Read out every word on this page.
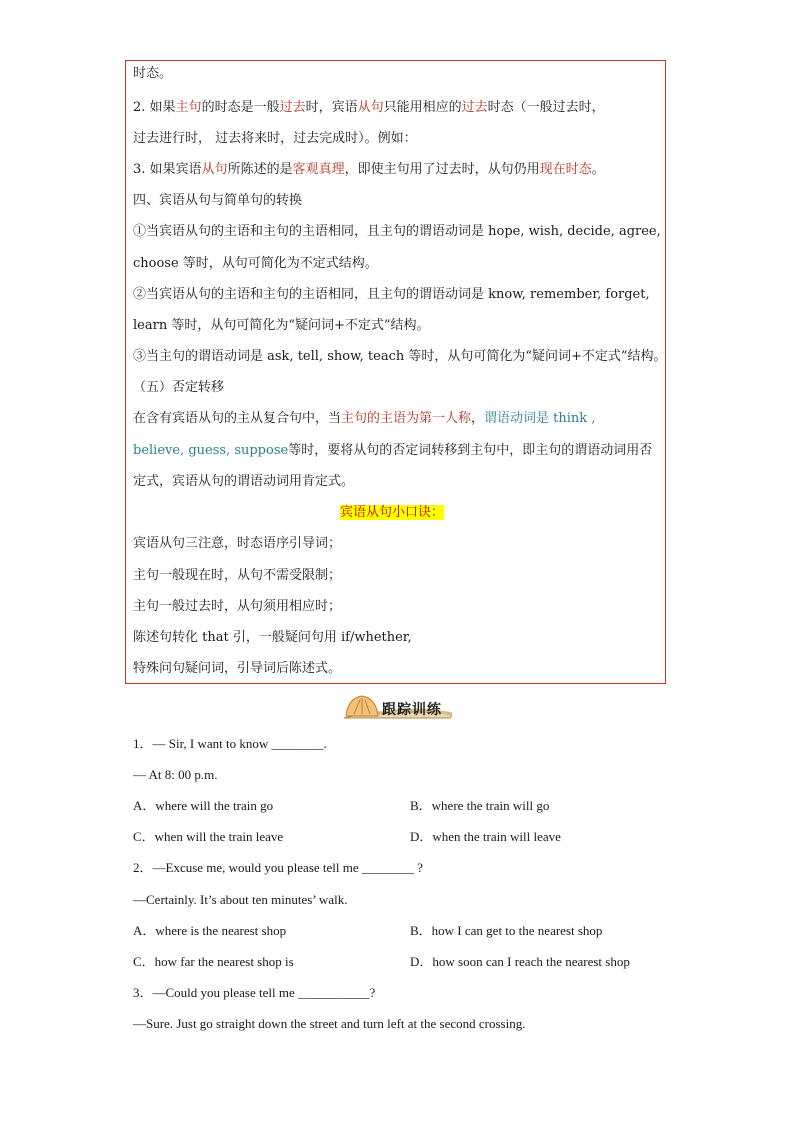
时态。
2. 如果主句的时态是一般过去时，宾语从句只能用相应的过去时态（一般过去时，
过去进行时， 过去将来时，过去完成时）。例如：
3. 如果宾语从句所陈述的是客观真理，即使主句用了过去时，从句仍用现在时态。
四、宾语从句与简单句的转换
①当宾语从句的主语和主句的主语相同，且主句的谓语动词是 hope, wish, decide, agree,
choose 等时，从句可简化为不定式结构。
②当宾语从句的主语和主句的主语相同，且主句的谓语动词是 know, remember, forget,
learn 等时，从句可简化为“疑问词+不定式”结构。
③当主句的谓语动词是 ask, tell, show, teach 等时，从句可简化为“疑问词+不定式”结构。
（五）否定转移
在含有宾语从句的主从复合句中，当主句的主语为第一人称，谓语动词是 think ,
believe, guess, suppose等时，要将从句的否定词转移到主句中，即主句的谓语动词用否
定式，宾语从句的谓语动词用肯定式。
宾语从句小口诀：
宾语从句三注意，时态语序引导词；
主句一般现在时，从句不需受限制；
主句一般过去时，从句须用相应时；
陈述句转化 that 引，一般疑问句用 if/whether,
特殊问句疑问词，引导词后陈述式。
跟踪训练
1．— Sir, I want to know ________.
— At 8: 00 p.m.
A．where will the train go	B．where the train will go
C．when will the train leave	D．when the train will leave
2．—Excuse me, would you please tell me ________ ?
—Certainly. It’s about ten minutes’ walk.
A．where is the nearest shop	B．how I can get to the nearest shop
C．how far the nearest shop is	D．how soon can I reach the nearest shop
3．—Could you please tell me ___________?
—Sure. Just go straight down the street and turn left at the second crossing.
